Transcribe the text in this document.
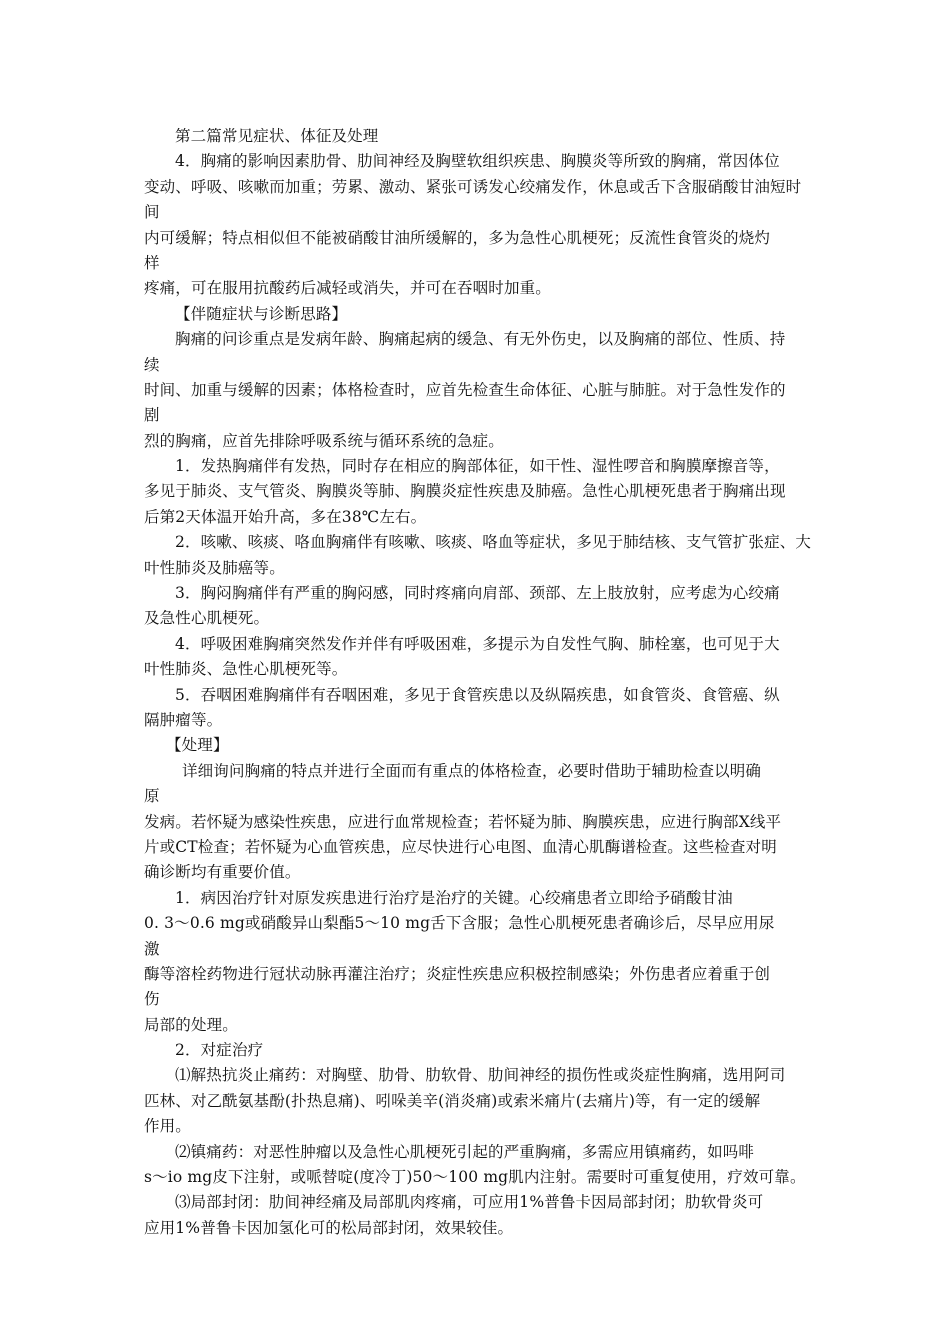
第二篇常见症状、体征及处理
4．胸痛的影响因素肋骨、肋间神经及胸壁软组织疾患、胸膜炎等所致的胸痛，常因体位
变动、呼吸、咳嗽而加重；劳累、激动、紧张可诱发心绞痛发作，休息或舌下含服硝酸甘油短时
间
内可缓解；特点相似但不能被硝酸甘油所缓解的，多为急性心肌梗死；反流性食管炎的烧灼
样
疼痛，可在服用抗酸药后减轻或消失，并可在吞咽时加重。
【伴随症状与诊断思路】
胸痛的问诊重点是发病年龄、胸痛起病的缓急、有无外伤史，以及胸痛的部位、性质、持
续
时间、加重与缓解的因素；体格检查时，应首先检查生命体征、心脏与肺脏。对于急性发作的
剧
烈的胸痛，应首先排除呼吸系统与循环系统的急症。
1．发热胸痛伴有发热，同时存在相应的胸部体征，如干性、湿性啰音和胸膜摩擦音等，
多见于肺炎、支气管炎、胸膜炎等肺、胸膜炎症性疾患及肺癌。急性心肌梗死患者于胸痛出现
后第2天体温开始升高，多在38℃左右。
2．咳嗽、咳痰、咯血胸痛伴有咳嗽、咳痰、咯血等症状，多见于肺结核、支气管扩张症、大
叶性肺炎及肺癌等。
3．胸闷胸痛伴有严重的胸闷感，同时疼痛向肩部、颈部、左上肢放射，应考虑为心绞痛
及急性心肌梗死。
4．呼吸困难胸痛突然发作并伴有呼吸困难，多提示为自发性气胸、肺栓塞，也可见于大
叶性肺炎、急性心肌梗死等。
5．吞咽困难胸痛伴有吞咽困难，多见于食管疾患以及纵隔疾患，如食管炎、食管癌、纵
隔肿瘤等。
【处理】
详细询问胸痛的特点并进行全面而有重点的体格检查，必要时借助于辅助检查以明确
原
发病。若怀疑为感染性疾患，应进行血常规检查；若怀疑为肺、胸膜疾患，应进行胸部X线平
片或CT检查；若怀疑为心血管疾患，应尽快进行心电图、血清心肌酶谱检查。这些检查对明
确诊断均有重要价值。
1．病因治疗针对原发疾患进行治疗是治疗的关键。心绞痛患者立即给予硝酸甘油
0. 3～0.6 mg或硝酸异山梨酯5～10 mg舌下含服；急性心肌梗死患者确诊后，尽早应用尿
激
酶等溶栓药物进行冠状动脉再灌注治疗；炎症性疾患应积极控制感染；外伤患者应着重于创
伤
局部的处理。
2．对症治疗
⑴解热抗炎止痛药：对胸壁、肋骨、肋软骨、肋间神经的损伤性或炎症性胸痛，选用阿司
匹林、对乙酰氨基酚(扑热息痛)、吲哚美辛(消炎痛)或索米痛片(去痛片)等，有一定的缓解
作用。
⑵镇痛药：对恶性肿瘤以及急性心肌梗死引起的严重胸痛，多需应用镇痛药，如吗啡
s～io mg皮下注射，或哌替啶(度冷丁)50～100 mg肌内注射。需要时可重复使用，疗效可靠。
⑶局部封闭：肋间神经痛及局部肌肉疼痛，可应用1%普鲁卡因局部封闭；肋软骨炎可
应用1%普鲁卡因加氢化可的松局部封闭，效果较佳。
